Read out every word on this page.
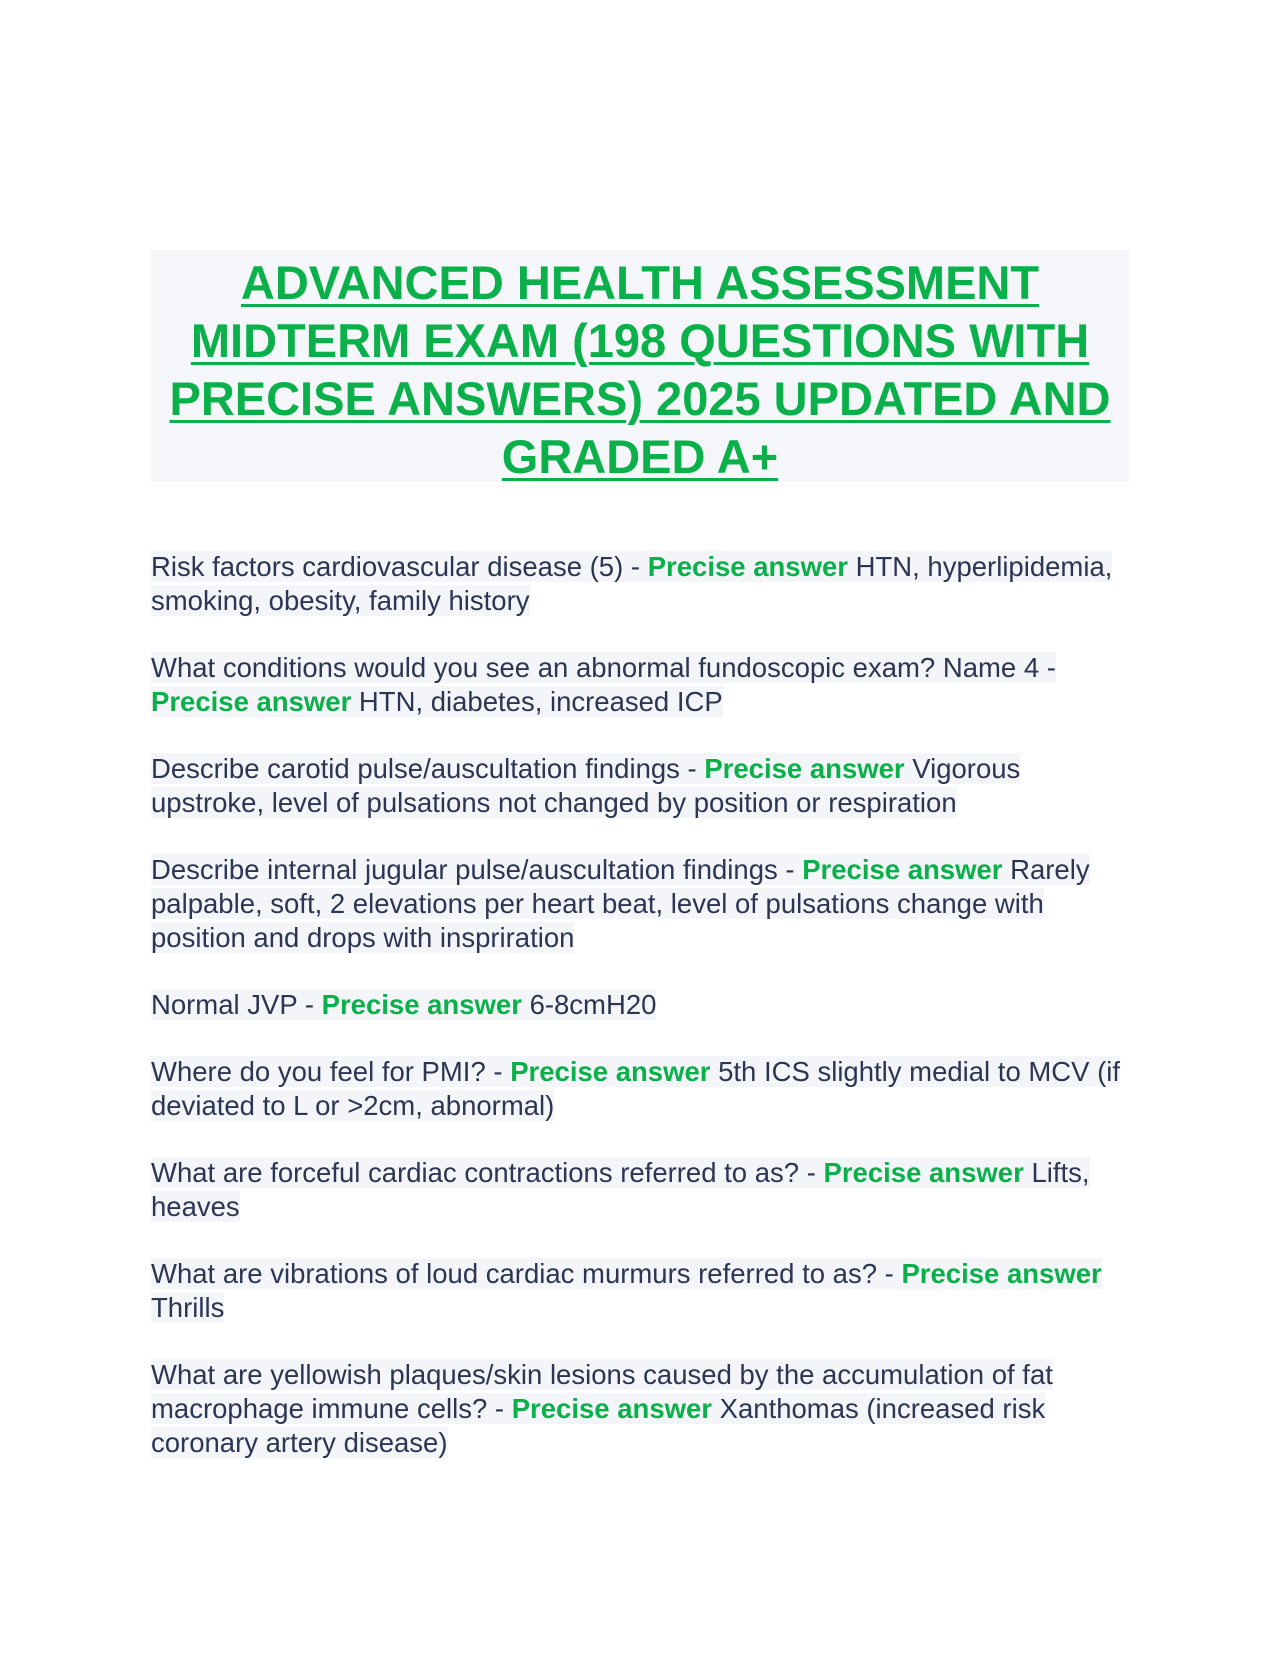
ADVANCED HEALTH ASSESSMENT MIDTERM EXAM (198 QUESTIONS WITH PRECISE ANSWERS) 2025 UPDATED AND GRADED A+

Risk factors cardiovascular disease (5) - Precise answer HTN, hyperlipidemia, smoking, obesity, family history

What conditions would you see an abnormal fundoscopic exam? Name 4 - Precise answer HTN, diabetes, increased ICP

Describe carotid pulse/auscultation findings - Precise answer Vigorous upstroke, level of pulsations not changed by position or respiration

Describe internal jugular pulse/auscultation findings - Precise answer Rarely palpable, soft, 2 elevations per heart beat, level of pulsations change with position and drops with inspriration

Normal JVP - Precise answer 6-8cmH20

Where do you feel for PMI? - Precise answer 5th ICS slightly medial to MCV (if deviated to L or >2cm, abnormal)

What are forceful cardiac contractions referred to as? - Precise answer Lifts, heaves

What are vibrations of loud cardiac murmurs referred to as? - Precise answer Thrills

What are yellowish plaques/skin lesions caused by the accumulation of fat macrophage immune cells? - Precise answer Xanthomas (increased risk coronary artery disease)
